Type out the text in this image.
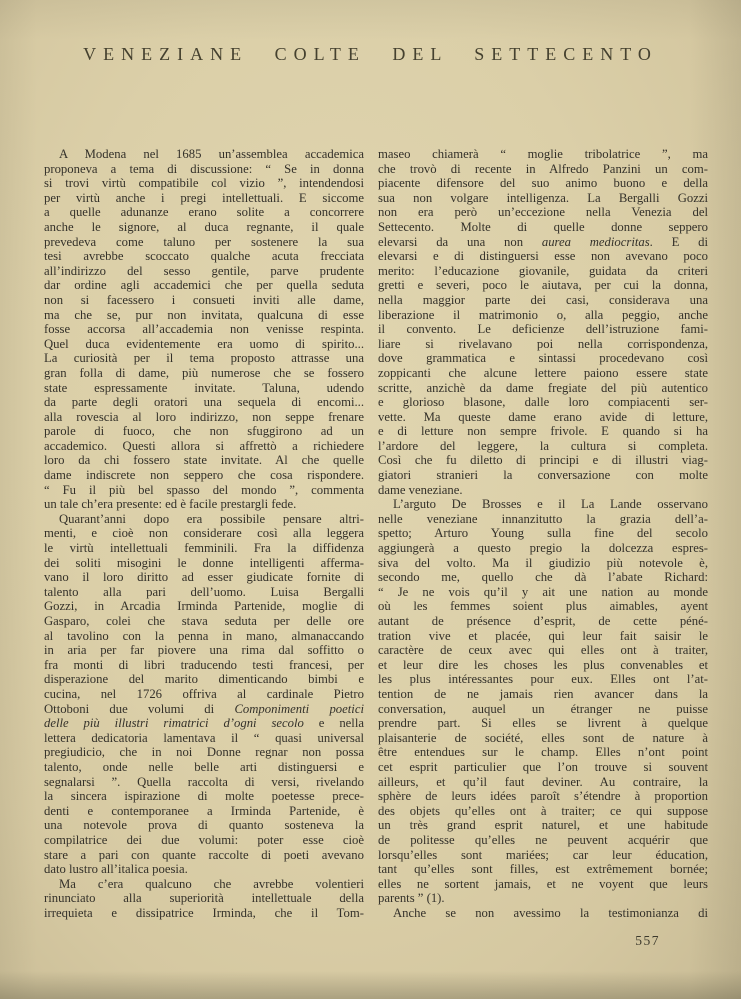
VENEZIANE COLTE DEL SETTECENTO
A Modena nel 1685 un’assemblea accademica
proponeva a tema di discussione: “ Se in donna
si trovi virtù compatibile col vizio ”, intendendosi
per virtù anche i pregi intellettuali. E siccome
a quelle adunanze erano solite a concorrere
anche le signore, al duca regnante, il quale
prevedeva come taluno per sostenere la sua
tesi avrebbe scoccato qualche acuta frecciata
all’indirizzo del sesso gentile, parve prudente
dar ordine agli accademici che per quella seduta
non si facessero i consueti inviti alle dame,
ma che se, pur non invitata, qualcuna di esse
fosse accorsa all’accademia non venisse respinta.
Quel duca evidentemente era uomo di spirito...
La curiosità per il tema proposto attrasse una
gran folla di dame, più numerose che se fossero
state espressamente invitate. Taluna, udendo
da parte degli oratori una sequela di encomi...
alla rovescia al loro indirizzo, non seppe frenare
parole di fuoco, che non sfuggirono ad un
accademico. Questi allora si affrettò a richiedere
loro da chi fossero state invitate. Al che quelle
dame indiscrete non seppero che cosa rispondere.
“ Fu il più bel spasso del mondo ”, commenta
un tale ch’era presente: ed è facile prestargli fede.
Quarant’anni dopo era possibile pensare altri-
menti, e cioè non considerare così alla leggera
le virtù intellettuali femminili. Fra la diffidenza
dei soliti misogini le donne intelligenti afferma-
vano il loro diritto ad esser giudicate fornite di
talento alla pari dell’uomo. Luisa Bergalli
Gozzi, in Arcadia Irminda Partenide, moglie di
Gasparo, colei che stava seduta per delle ore
al tavolino con la penna in mano, almanaccando
in aria per far piovere una rima dal soffitto o
fra monti di libri traducendo testi francesi, per
disperazione del marito dimenticando bimbi e
cucina, nel 1726 offriva al cardinale Pietro
Ottoboni due volumi di Componimenti poetici
delle più illustri rimatrici d’ogni secolo e nella
lettera dedicatoria lamentava il “ quasi universal
pregiudicio, che in noi Donne regnar non possa
talento, onde nelle belle arti distinguersi e
segnalarsi ”. Quella raccolta di versi, rivelando
la sincera ispirazione di molte poetesse prece-
denti e contemporanee a Irminda Partenide, è
una notevole prova di quanto sosteneva la
compilatrice dei due volumi: poter esse cioè
stare a pari con quante raccolte di poeti avevano
dato lustro all’italica poesia.
Ma c’era qualcuno che avrebbe volentieri
rinunciato alla superiorità intellettuale della
irrequieta e dissipatrice Irminda, che il Tom-
maseo chiamerà “ moglie tribolatrice ”, ma
che trovò di recente in Alfredo Panzini un com-
piacente difensore del suo animo buono e della
sua non volgare intelligenza. La Bergalli Gozzi
non era però un’eccezione nella Venezia del
Settecento. Molte di quelle donne seppero
elevarsi da una non aurea mediocritas. E di
elevarsi e di distinguersi esse non avevano poco
merito: l’educazione giovanile, guidata da criteri
gretti e severi, poco le aiutava, per cui la donna,
nella maggior parte dei casi, considerava una
liberazione il matrimonio o, alla peggio, anche
il convento. Le deficienze dell’istruzione fami-
liare si rivelavano poi nella corrispondenza,
dove grammatica e sintassi procedevano così
zoppicanti che alcune lettere paiono essere state
scritte, anzichè da dame fregiate del più autentico
e glorioso blasone, dalle loro compiacenti ser-
vette. Ma queste dame erano avide di letture,
e di letture non sempre frivole. E quando si ha
l’ardore del leggere, la cultura si completa.
Così che fu diletto di principi e di illustri viag-
giatori stranieri la conversazione con molte
dame veneziane.
L’arguto De Brosses e il La Lande osservano
nelle veneziane innanzitutto la grazia dell’a-
spetto; Arturo Young sulla fine del secolo
aggiungerà a questo pregio la dolcezza espres-
siva del volto. Ma il giudizio più notevole è,
secondo me, quello che dà l’abate Richard:
“ Je ne vois qu’il y ait une nation au monde
où les femmes soient plus aimables, ayent
autant de présence d’esprit, de cette péné-
tration vive et placée, qui leur fait saisir le
caractère de ceux avec qui elles ont à traiter,
et leur dire les choses les plus convenables et
les plus intéressantes pour eux. Elles ont l’at-
tention de ne jamais rien avancer dans la
conversation, auquel un étranger ne puisse
prendre part. Si elles se livrent à quelque
plaisanterie de société, elles sont de nature à
être entendues sur le champ. Elles n’ont point
cet esprit particulier que l’on trouve si souvent
ailleurs, et qu’il faut deviner. Au contraire, la
sphère de leurs idées paroît s’étendre à proportion
des objets qu’elles ont à traiter; ce qui suppose
un très grand esprit naturel, et une habitude
de politesse qu’elles ne peuvent acquérir que
lorsqu’elles sont mariées; car leur éducation,
tant qu’elles sont filles, est extrêmement bornée;
elles ne sortent jamais, et ne voyent que leurs
parents ” (1).
Anche se non avessimo la testimonianza di
557
